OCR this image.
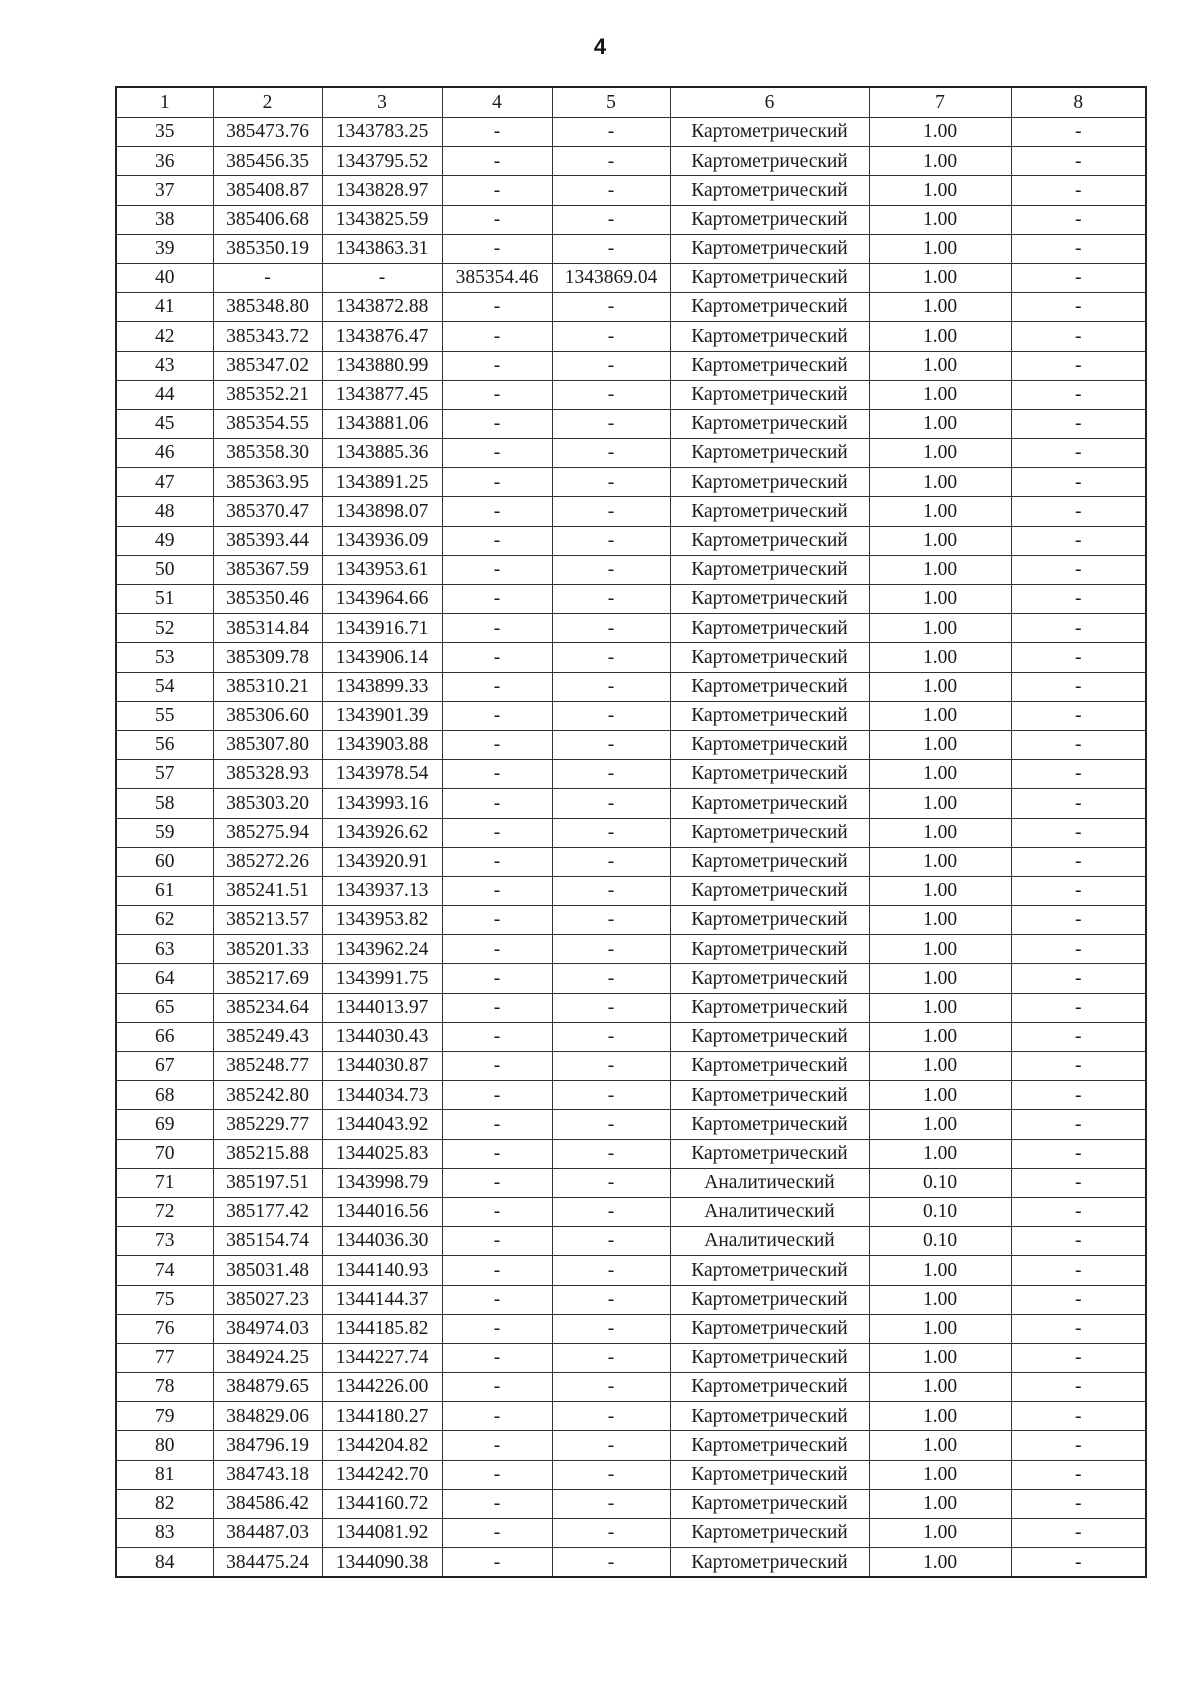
4
1	2	3	4	5	6	7	8
35	385473.76	1343783.25	-	-	Картометрический	1.00	-
36	385456.35	1343795.52	-	-	Картометрический	1.00	-
37	385408.87	1343828.97	-	-	Картометрический	1.00	-
38	385406.68	1343825.59	-	-	Картометрический	1.00	-
39	385350.19	1343863.31	-	-	Картометрический	1.00	-
40	-	-	385354.46	1343869.04	Картометрический	1.00	-
41	385348.80	1343872.88	-	-	Картометрический	1.00	-
42	385343.72	1343876.47	-	-	Картометрический	1.00	-
43	385347.02	1343880.99	-	-	Картометрический	1.00	-
44	385352.21	1343877.45	-	-	Картометрический	1.00	-
45	385354.55	1343881.06	-	-	Картометрический	1.00	-
46	385358.30	1343885.36	-	-	Картометрический	1.00	-
47	385363.95	1343891.25	-	-	Картометрический	1.00	-
48	385370.47	1343898.07	-	-	Картометрический	1.00	-
49	385393.44	1343936.09	-	-	Картометрический	1.00	-
50	385367.59	1343953.61	-	-	Картометрический	1.00	-
51	385350.46	1343964.66	-	-	Картометрический	1.00	-
52	385314.84	1343916.71	-	-	Картометрический	1.00	-
53	385309.78	1343906.14	-	-	Картометрический	1.00	-
54	385310.21	1343899.33	-	-	Картометрический	1.00	-
55	385306.60	1343901.39	-	-	Картометрический	1.00	-
56	385307.80	1343903.88	-	-	Картометрический	1.00	-
57	385328.93	1343978.54	-	-	Картометрический	1.00	-
58	385303.20	1343993.16	-	-	Картометрический	1.00	-
59	385275.94	1343926.62	-	-	Картометрический	1.00	-
60	385272.26	1343920.91	-	-	Картометрический	1.00	-
61	385241.51	1343937.13	-	-	Картометрический	1.00	-
62	385213.57	1343953.82	-	-	Картометрический	1.00	-
63	385201.33	1343962.24	-	-	Картометрический	1.00	-
64	385217.69	1343991.75	-	-	Картометрический	1.00	-
65	385234.64	1344013.97	-	-	Картометрический	1.00	-
66	385249.43	1344030.43	-	-	Картометрический	1.00	-
67	385248.77	1344030.87	-	-	Картометрический	1.00	-
68	385242.80	1344034.73	-	-	Картометрический	1.00	-
69	385229.77	1344043.92	-	-	Картометрический	1.00	-
70	385215.88	1344025.83	-	-	Картометрический	1.00	-
71	385197.51	1343998.79	-	-	Аналитический	0.10	-
72	385177.42	1344016.56	-	-	Аналитический	0.10	-
73	385154.74	1344036.30	-	-	Аналитический	0.10	-
74	385031.48	1344140.93	-	-	Картометрический	1.00	-
75	385027.23	1344144.37	-	-	Картометрический	1.00	-
76	384974.03	1344185.82	-	-	Картометрический	1.00	-
77	384924.25	1344227.74	-	-	Картометрический	1.00	-
78	384879.65	1344226.00	-	-	Картометрический	1.00	-
79	384829.06	1344180.27	-	-	Картометрический	1.00	-
80	384796.19	1344204.82	-	-	Картометрический	1.00	-
81	384743.18	1344242.70	-	-	Картометрический	1.00	-
82	384586.42	1344160.72	-	-	Картометрический	1.00	-
83	384487.03	1344081.92	-	-	Картометрический	1.00	-
84	384475.24	1344090.38	-	-	Картометрический	1.00	-
